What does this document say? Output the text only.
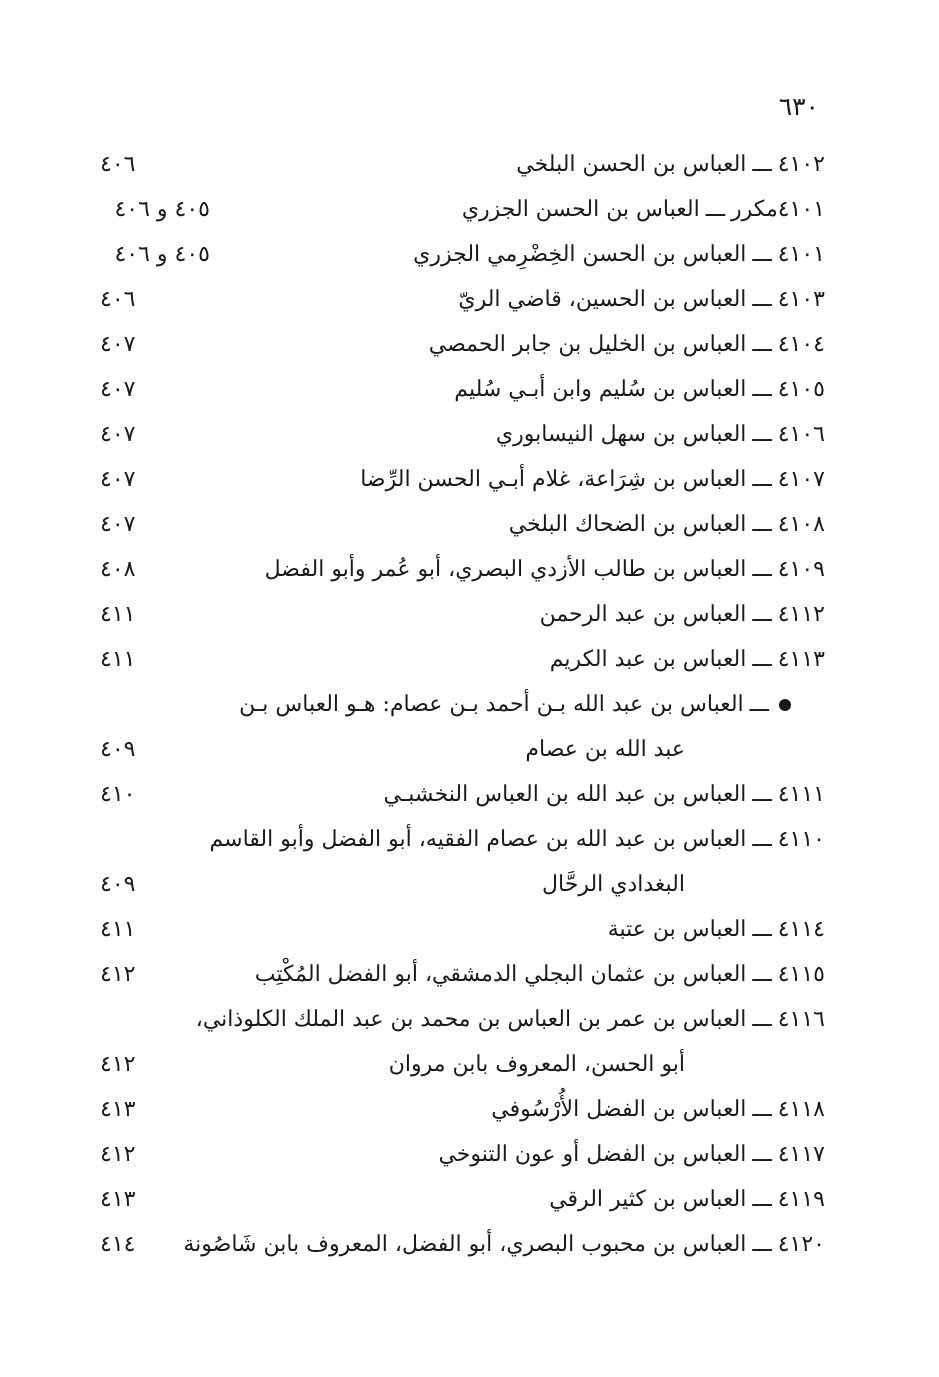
٦٣٠
٤١٠٢ـــالعباس بن الحسن البلخي
٤٠٦
٤١٠١مكررـــالعباس بن الحسن الجزري
٤٠٥ و ٤٠٦
٤١٠١ـــالعباس بن الحسن الخِضْرِمي الجزري
٤٠٥ و ٤٠٦
٤١٠٣ـــالعباس بن الحسين، قاضي الريّ
٤٠٦
٤١٠٤ـــالعباس بن الخليل بن جابر الحمصي
٤٠٧
٤١٠٥ـــالعباس بن سُليم وابن أبـي سُليم
٤٠٧
٤١٠٦ـــالعباس بن سهل النيسابوري
٤٠٧
٤١٠٧ـــالعباس بن شِرَاعة، غلام أبـي الحسن الرِّضا
٤٠٧
٤١٠٨ـــالعباس بن الضحاك البلخي
٤٠٧
٤١٠٩ـــالعباس بن طالب الأزدي البصري، أبو عُمر وأبو الفضل
٤٠٨
٤١١٢ـــالعباس بن عبد الرحمن
٤١١
٤١١٣ـــالعباس بن عبد الكريم
٤١١
ـــالعباس بن عبد الله بـن أحمد بـن عصام: هـو العباس بـن
عبد الله بن عصام
٤٠٩
٤١١١ـــالعباس بن عبد الله بن العباس النخشبـي
٤١٠
٤١١٠ـــالعباس بن عبد الله بن عصام الفقيه، أبو الفضل وأبو القاسم
البغدادي الرحَّال
٤٠٩
٤١١٤ـــالعباس بن عتبة
٤١١
٤١١٥ـــالعباس بن عثمان البجلي الدمشقي، أبو الفضل المُكْتِب
٤١٢
٤١١٦ـــالعباس بن عمر بن العباس بن محمد بن عبد الملك الكلوذاني،
أبو الحسن، المعروف بابن مروان
٤١٢
٤١١٨ـــالعباس بن الفضل الأُرْسُوفي
٤١٣
٤١١٧ـــالعباس بن الفضل أو عون التنوخي
٤١٢
٤١١٩ـــالعباس بن كثير الرقي
٤١٣
٤١٢٠ـــالعباس بن محبوب البصري، أبو الفضل، المعروف بابن شَاصُونة
٤١٤
